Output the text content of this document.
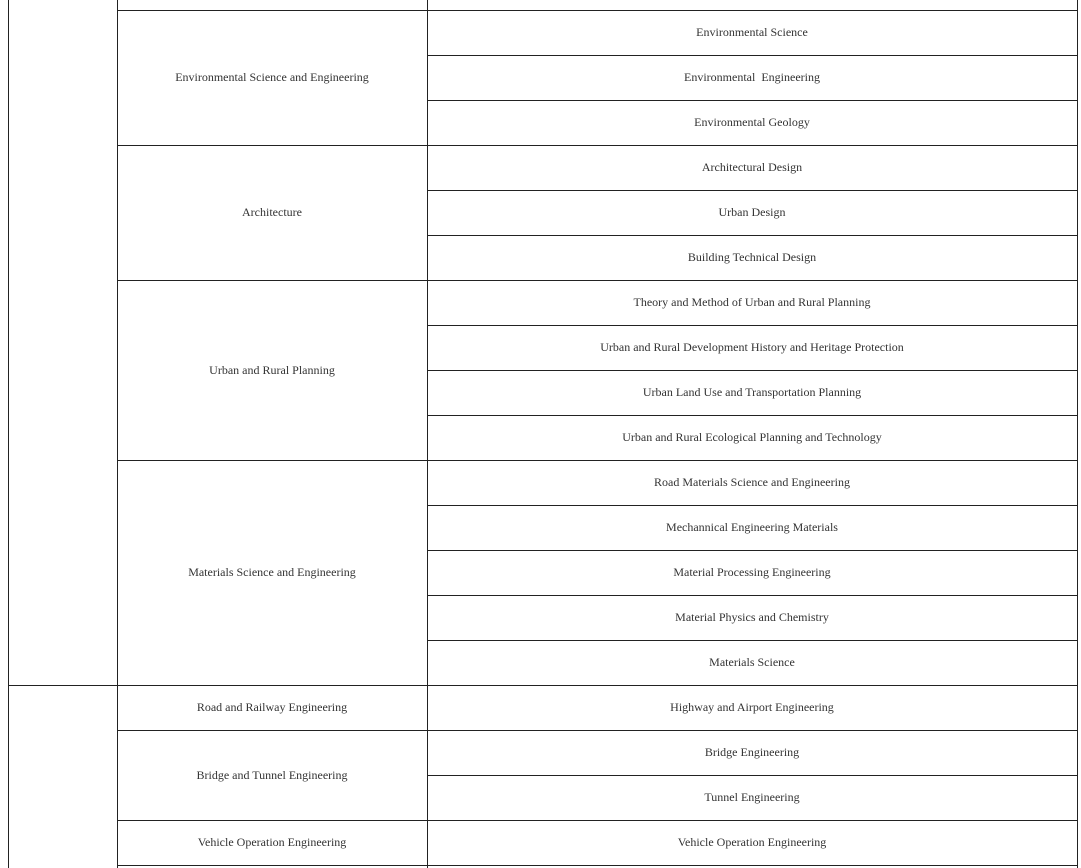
Environmental Science and Engineering
Architecture
Urban and Rural Planning
Materials Science and Engineering
Road and Railway Engineering
Bridge and Tunnel Engineering
Vehicle Operation Engineering
Environmental Science
Environmental  Engineering
Environmental Geology
Architectural Design
Urban Design
Building Technical Design
Theory and Method of Urban and Rural Planning
Urban and Rural Development History and Heritage Protection
Urban Land Use and Transportation Planning
Urban and Rural Ecological Planning and Technology
Road Materials Science and Engineering
Mechannical Engineering Materials
Material Processing Engineering
Material Physics and Chemistry
Materials Science
Highway and Airport Engineering
Bridge Engineering
Tunnel Engineering
Vehicle Operation Engineering
